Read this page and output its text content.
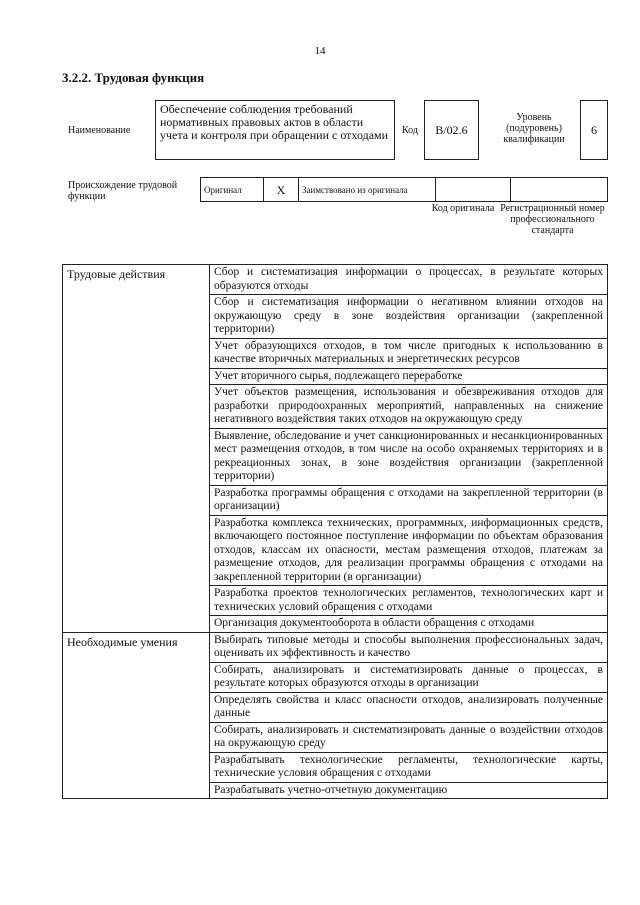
14
3.2.2. Трудовая функция
Наименование
Обеспечение соблюдения требований нормативных правовых актов в области учета и контроля при обращении с отходами	Код	B/02.6
Уровень (подуровень) квалификации
6
Происхождение трудовой функции
Оригинал	X	Заимствовано из оригинала		
Код оригинала Регистрационный номер профессионального стандарта
Трудовые действия	Сбор и систематизация информации о процессах, в результате которых образуются отходы
	Сбор и систематизация информации о негативном влиянии отходов на окружающую среду в зоне воздействия организации (закрепленной территории)
	Учет образующихся отходов, в том числе пригодных к использованию в качестве вторичных материальных и энергетических ресурсов
	Учет вторичного сырья, подлежащего переработке
	Учет объектов размещения, использования и обезвреживания отходов для разработки природоохранных мероприятий, направленных на снижение негативного воздействия таких отходов на окружающую среду
	Выявление, обследование и учет санкционированных и несанкционированных мест размещения отходов, в том числе на особо охраняемых территориях и в рекреационных зонах, в зоне воздействия организации (закрепленной территории)
	Разработка программы обращения с отходами на закрепленной территории (в организации)
	Разработка комплекса технических, программных, информационных средств, включающего постоянное поступление информации по объектам образования отходов, классам их опасности, местам размещения отходов, платежам за размещение отходов, для реализации программы обращения с отходами на закрепленной территории (в организации)
	Разработка проектов технологических регламентов, технологических карт и технических условий обращения с отходами
	Организация документооборота в области обращения с отходами
Необходимые умения	Выбирать типовые методы и способы выполнения профессиональных задач, оценивать их эффективность и качество
	Собирать, анализировать и систематизировать данные о процессах, в результате которых образуются отходы в организации
	Определять свойства и класс опасности отходов, анализировать полученные данные
	Собирать, анализировать и систематизировать данные о воздействии отходов на окружающую среду
	Разрабатывать технологические регламенты, технологические карты, технические условия обращения с отходами
	Разрабатывать учетно-отчетную документацию
